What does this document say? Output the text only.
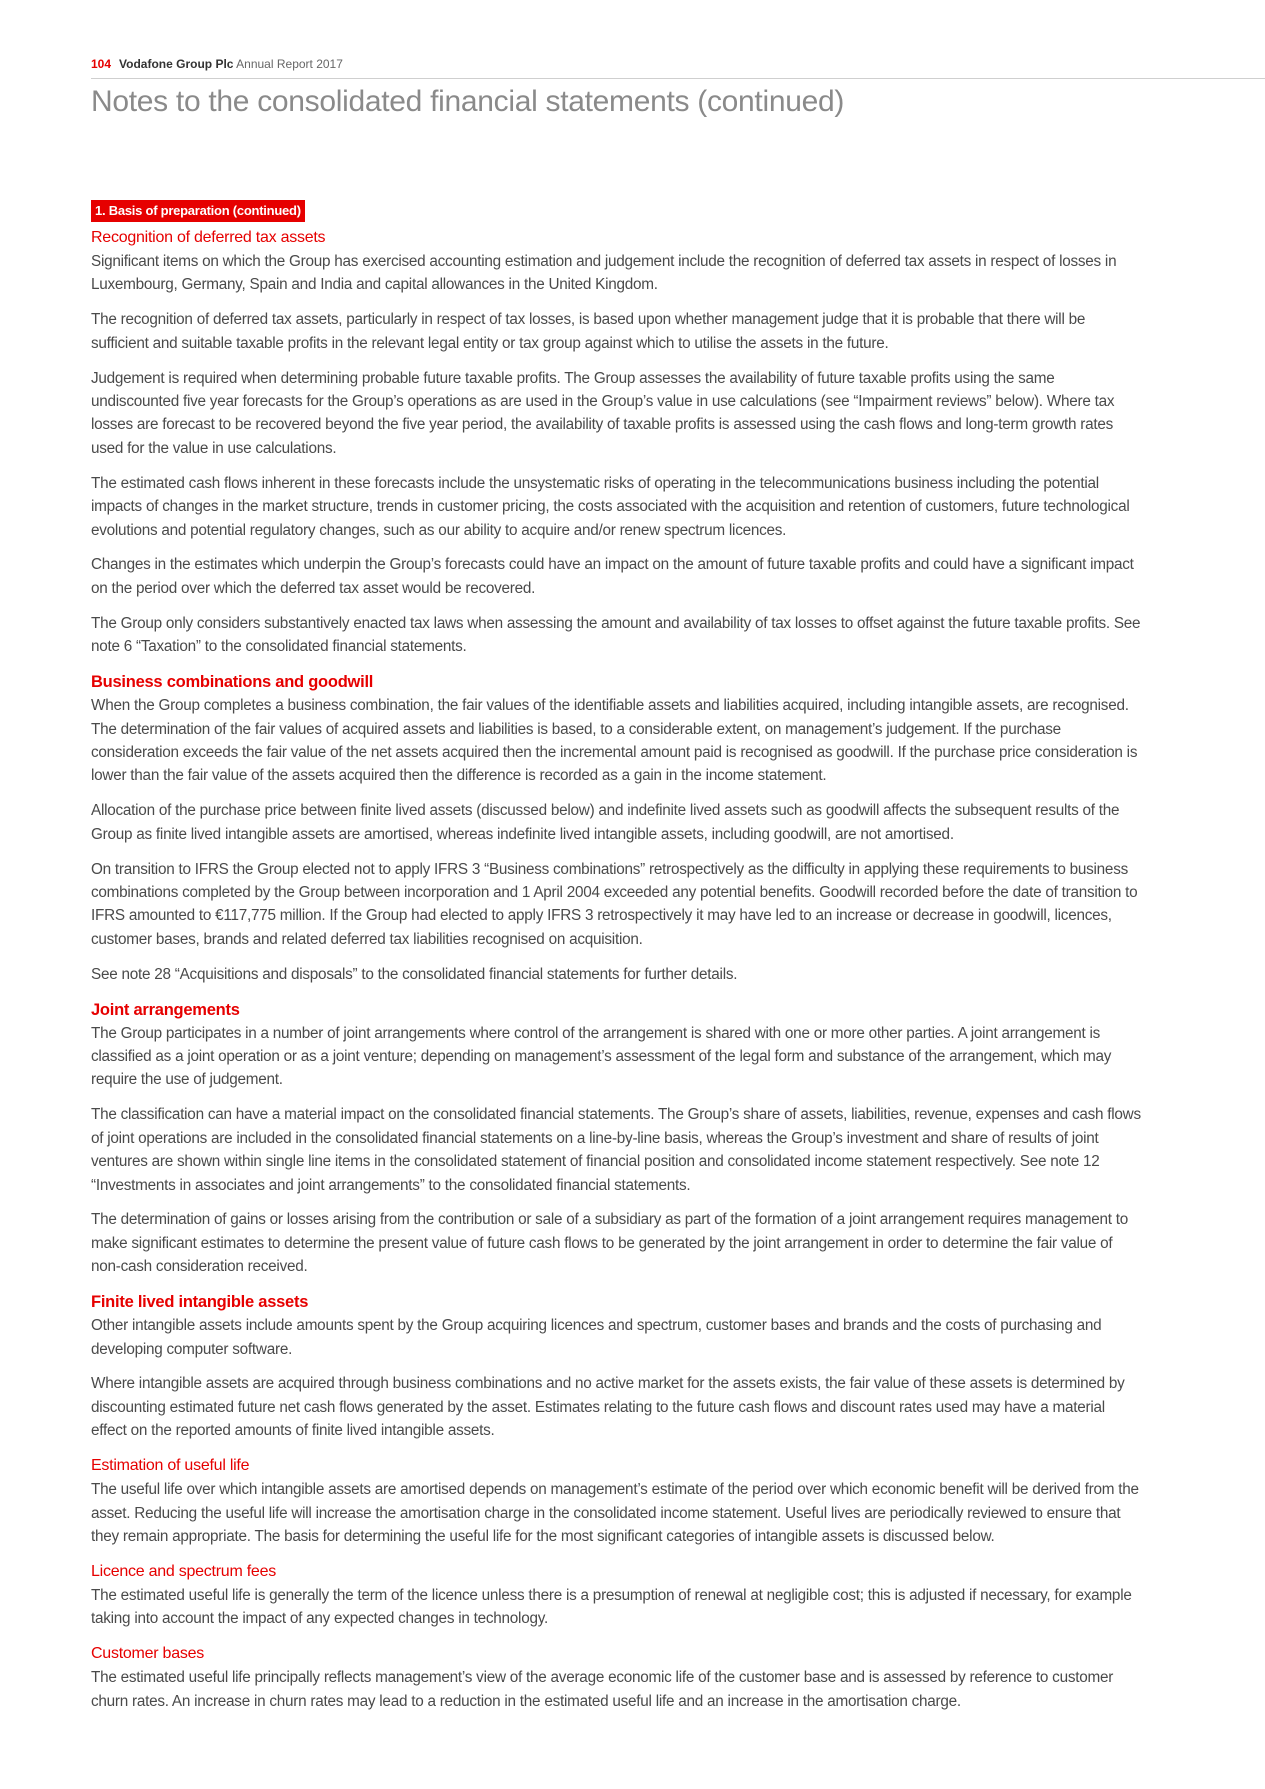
104 Vodafone Group Plc Annual Report 2017
Notes to the consolidated financial statements (continued)
1. Basis of preparation (continued)
Recognition of deferred tax assets

Significant items on which the Group has exercised accounting estimation and judgement include the recognition of deferred tax assets in respect of losses in Luxembourg, Germany, Spain and India and capital allowances in the United Kingdom.

The recognition of deferred tax assets, particularly in respect of tax losses, is based upon whether management judge that it is probable that there will be sufficient and suitable taxable profits in the relevant legal entity or tax group against which to utilise the assets in the future.

Judgement is required when determining probable future taxable profits. The Group assesses the availability of future taxable profits using the same undiscounted five year forecasts for the Group’s operations as are used in the Group’s value in use calculations (see “Impairment reviews” below). Where tax losses are forecast to be recovered beyond the five year period, the availability of taxable profits is assessed using the cash flows and long-term growth rates used for the value in use calculations.

The estimated cash flows inherent in these forecasts include the unsystematic risks of operating in the telecommunications business including the potential impacts of changes in the market structure, trends in customer pricing, the costs associated with the acquisition and retention of customers, future technological evolutions and potential regulatory changes, such as our ability to acquire and/or renew spectrum licences.

Changes in the estimates which underpin the Group’s forecasts could have an impact on the amount of future taxable profits and could have a significant impact on the period over which the deferred tax asset would be recovered.

The Group only considers substantively enacted tax laws when assessing the amount and availability of tax losses to offset against the future taxable profits. See note 6 “Taxation” to the consolidated financial statements.

Business combinations and goodwill

When the Group completes a business combination, the fair values of the identifiable assets and liabilities acquired, including intangible assets, are recognised. The determination of the fair values of acquired assets and liabilities is based, to a considerable extent, on management’s judgement. If the purchase consideration exceeds the fair value of the net assets acquired then the incremental amount paid is recognised as goodwill. If the purchase price consideration is lower than the fair value of the assets acquired then the difference is recorded as a gain in the income statement.

Allocation of the purchase price between finite lived assets (discussed below) and indefinite lived assets such as goodwill affects the subsequent results of the Group as finite lived intangible assets are amortised, whereas indefinite lived intangible assets, including goodwill, are not amortised.

On transition to IFRS the Group elected not to apply IFRS 3 “Business combinations” retrospectively as the difficulty in applying these requirements to business combinations completed by the Group between incorporation and 1 April 2004 exceeded any potential benefits. Goodwill recorded before the date of transition to IFRS amounted to €117,775 million. If the Group had elected to apply IFRS 3 retrospectively it may have led to an increase or decrease in goodwill, licences, customer bases, brands and related deferred tax liabilities recognised on acquisition.

See note 28 “Acquisitions and disposals” to the consolidated financial statements for further details.

Joint arrangements

The Group participates in a number of joint arrangements where control of the arrangement is shared with one or more other parties. A joint arrangement is classified as a joint operation or as a joint venture; depending on management’s assessment of the legal form and substance of the arrangement, which may require the use of judgement.

The classification can have a material impact on the consolidated financial statements. The Group’s share of assets, liabilities, revenue, expenses and cash flows of joint operations are included in the consolidated financial statements on a line-by-line basis, whereas the Group’s investment and share of results of joint ventures are shown within single line items in the consolidated statement of financial position and consolidated income statement respectively. See note 12 “Investments in associates and joint arrangements” to the consolidated financial statements.

The determination of gains or losses arising from the contribution or sale of a subsidiary as part of the formation of a joint arrangement requires management to make significant estimates to determine the present value of future cash flows to be generated by the joint arrangement in order to determine the fair value of non-cash consideration received.

Finite lived intangible assets

Other intangible assets include amounts spent by the Group acquiring licences and spectrum, customer bases and brands and the costs of purchasing and developing computer software.

Where intangible assets are acquired through business combinations and no active market for the assets exists, the fair value of these assets is determined by discounting estimated future net cash flows generated by the asset. Estimates relating to the future cash flows and discount rates used may have a material effect on the reported amounts of finite lived intangible assets.

Estimation of useful life

The useful life over which intangible assets are amortised depends on management’s estimate of the period over which economic benefit will be derived from the asset. Reducing the useful life will increase the amortisation charge in the consolidated income statement. Useful lives are periodically reviewed to ensure that they remain appropriate. The basis for determining the useful life for the most significant categories of intangible assets is discussed below.

Licence and spectrum fees

The estimated useful life is generally the term of the licence unless there is a presumption of renewal at negligible cost; this is adjusted if necessary, for example taking into account the impact of any expected changes in technology.

Customer bases

The estimated useful life principally reflects management’s view of the average economic life of the customer base and is assessed by reference to customer churn rates. An increase in churn rates may lead to a reduction in the estimated useful life and an increase in the amortisation charge.
